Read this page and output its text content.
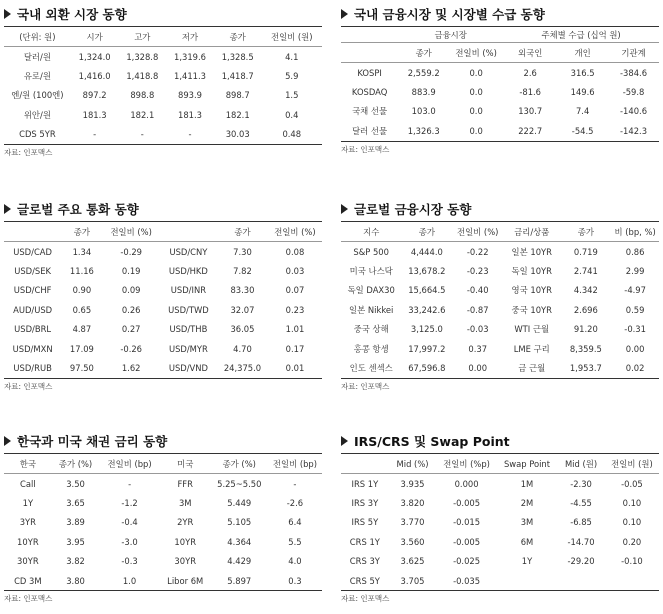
국내 외환 시장 동향
(단위: 원)	시가	고가	저가	종가	전일비 (원)
달러/원	1,324.0	1,328.8	1,319.6	1,328.5	4.1
유로/원	1,416.0	1,418.8	1,411.3	1,418.7	5.9
엔/원 (100엔)	897.2	898.8	893.9	898.7	1.5
위안/원	181.3	182.1	181.3	182.1	0.4
CDS 5YR	-	-	-	30.03	0.48
자료: 인포맥스
국내 금융시장 및 시장별 수급 동향
	금융시장		주체별 수급 (십억 원)		
	종가	전일비 (%)	외국인	개인	기관계
KOSPI	2,559.2	0.0	2.6	316.5	-384.6
KOSDAQ	883.9	0.0	-81.6	149.6	-59.8
국채 선물	103.0	0.0	130.7	7.4	-140.6
달러 선물	1,326.3	0.0	222.7	-54.5	-142.3
자료: 인포맥스
글로벌 주요 통화 동향
	종가	전일비 (%)		종가	전일비 (%)
USD/CAD	1.34	-0.29	USD/CNY	7.30	0.08
USD/SEK	11.16	0.19	USD/HKD	7.82	0.03
USD/CHF	0.90	0.09	USD/INR	83.30	0.07
AUD/USD	0.65	0.26	USD/TWD	32.07	0.23
USD/BRL	4.87	0.27	USD/THB	36.05	1.01
USD/MXN	17.09	-0.26	USD/MYR	4.70	0.17
USD/RUB	97.50	1.62	USD/VND	24,375.0	0.01
자료: 인포맥스
글로벌 금융시장 동향
지수	종가	전일비 (%)	금리/상품	종가	비 (bp, %)
S&P 500	4,444.0	-0.22	일본 10YR	0.719	0.86
미국 나스닥	13,678.2	-0.23	독일 10YR	2.741	2.99
독일 DAX30	15,664.5	-0.40	영국 10YR	4.342	-4.97
일본 Nikkei	33,242.6	-0.87	중국 10YR	2.696	0.59
중국 상해	3,125.0	-0.03	WTI 근월	91.20	-0.31
홍콩 항셍	17,997.2	0.37	LME 구리	8,359.5	0.00
인도 센섹스	67,596.8	0.00	금 근월	1,953.7	0.02
자료: 인포맥스
한국과 미국 채권 금리 동향
한국	종가 (%)	전일비 (bp)	미국	종가 (%)	전일비 (bp)
Call	3.50	-	FFR	5.25~5.50	-
1Y	3.65	-1.2	3M	5.449	-2.6
3YR	3.89	-0.4	2YR	5.105	6.4
10YR	3.95	-3.0	10YR	4.364	5.5
30YR	3.82	-0.3	30YR	4.429	4.0
CD 3M	3.80	1.0	Libor 6M	5.897	0.3
자료: 인포맥스
IRS/CRS 및 Swap Point
	Mid (%)	전일비 (%p)	Swap Point	Mid (원)	전일비 (원)
IRS 1Y	3.935	0.000	1M	-2.30	-0.05
IRS 3Y	3.820	-0.005	2M	-4.55	0.10
IRS 5Y	3.770	-0.015	3M	-6.85	0.10
CRS 1Y	3.560	-0.005	6M	-14.70	0.20
CRS 3Y	3.625	-0.025	1Y	-29.20	-0.10
CRS 5Y	3.705	-0.035			
자료: 인포맥스
